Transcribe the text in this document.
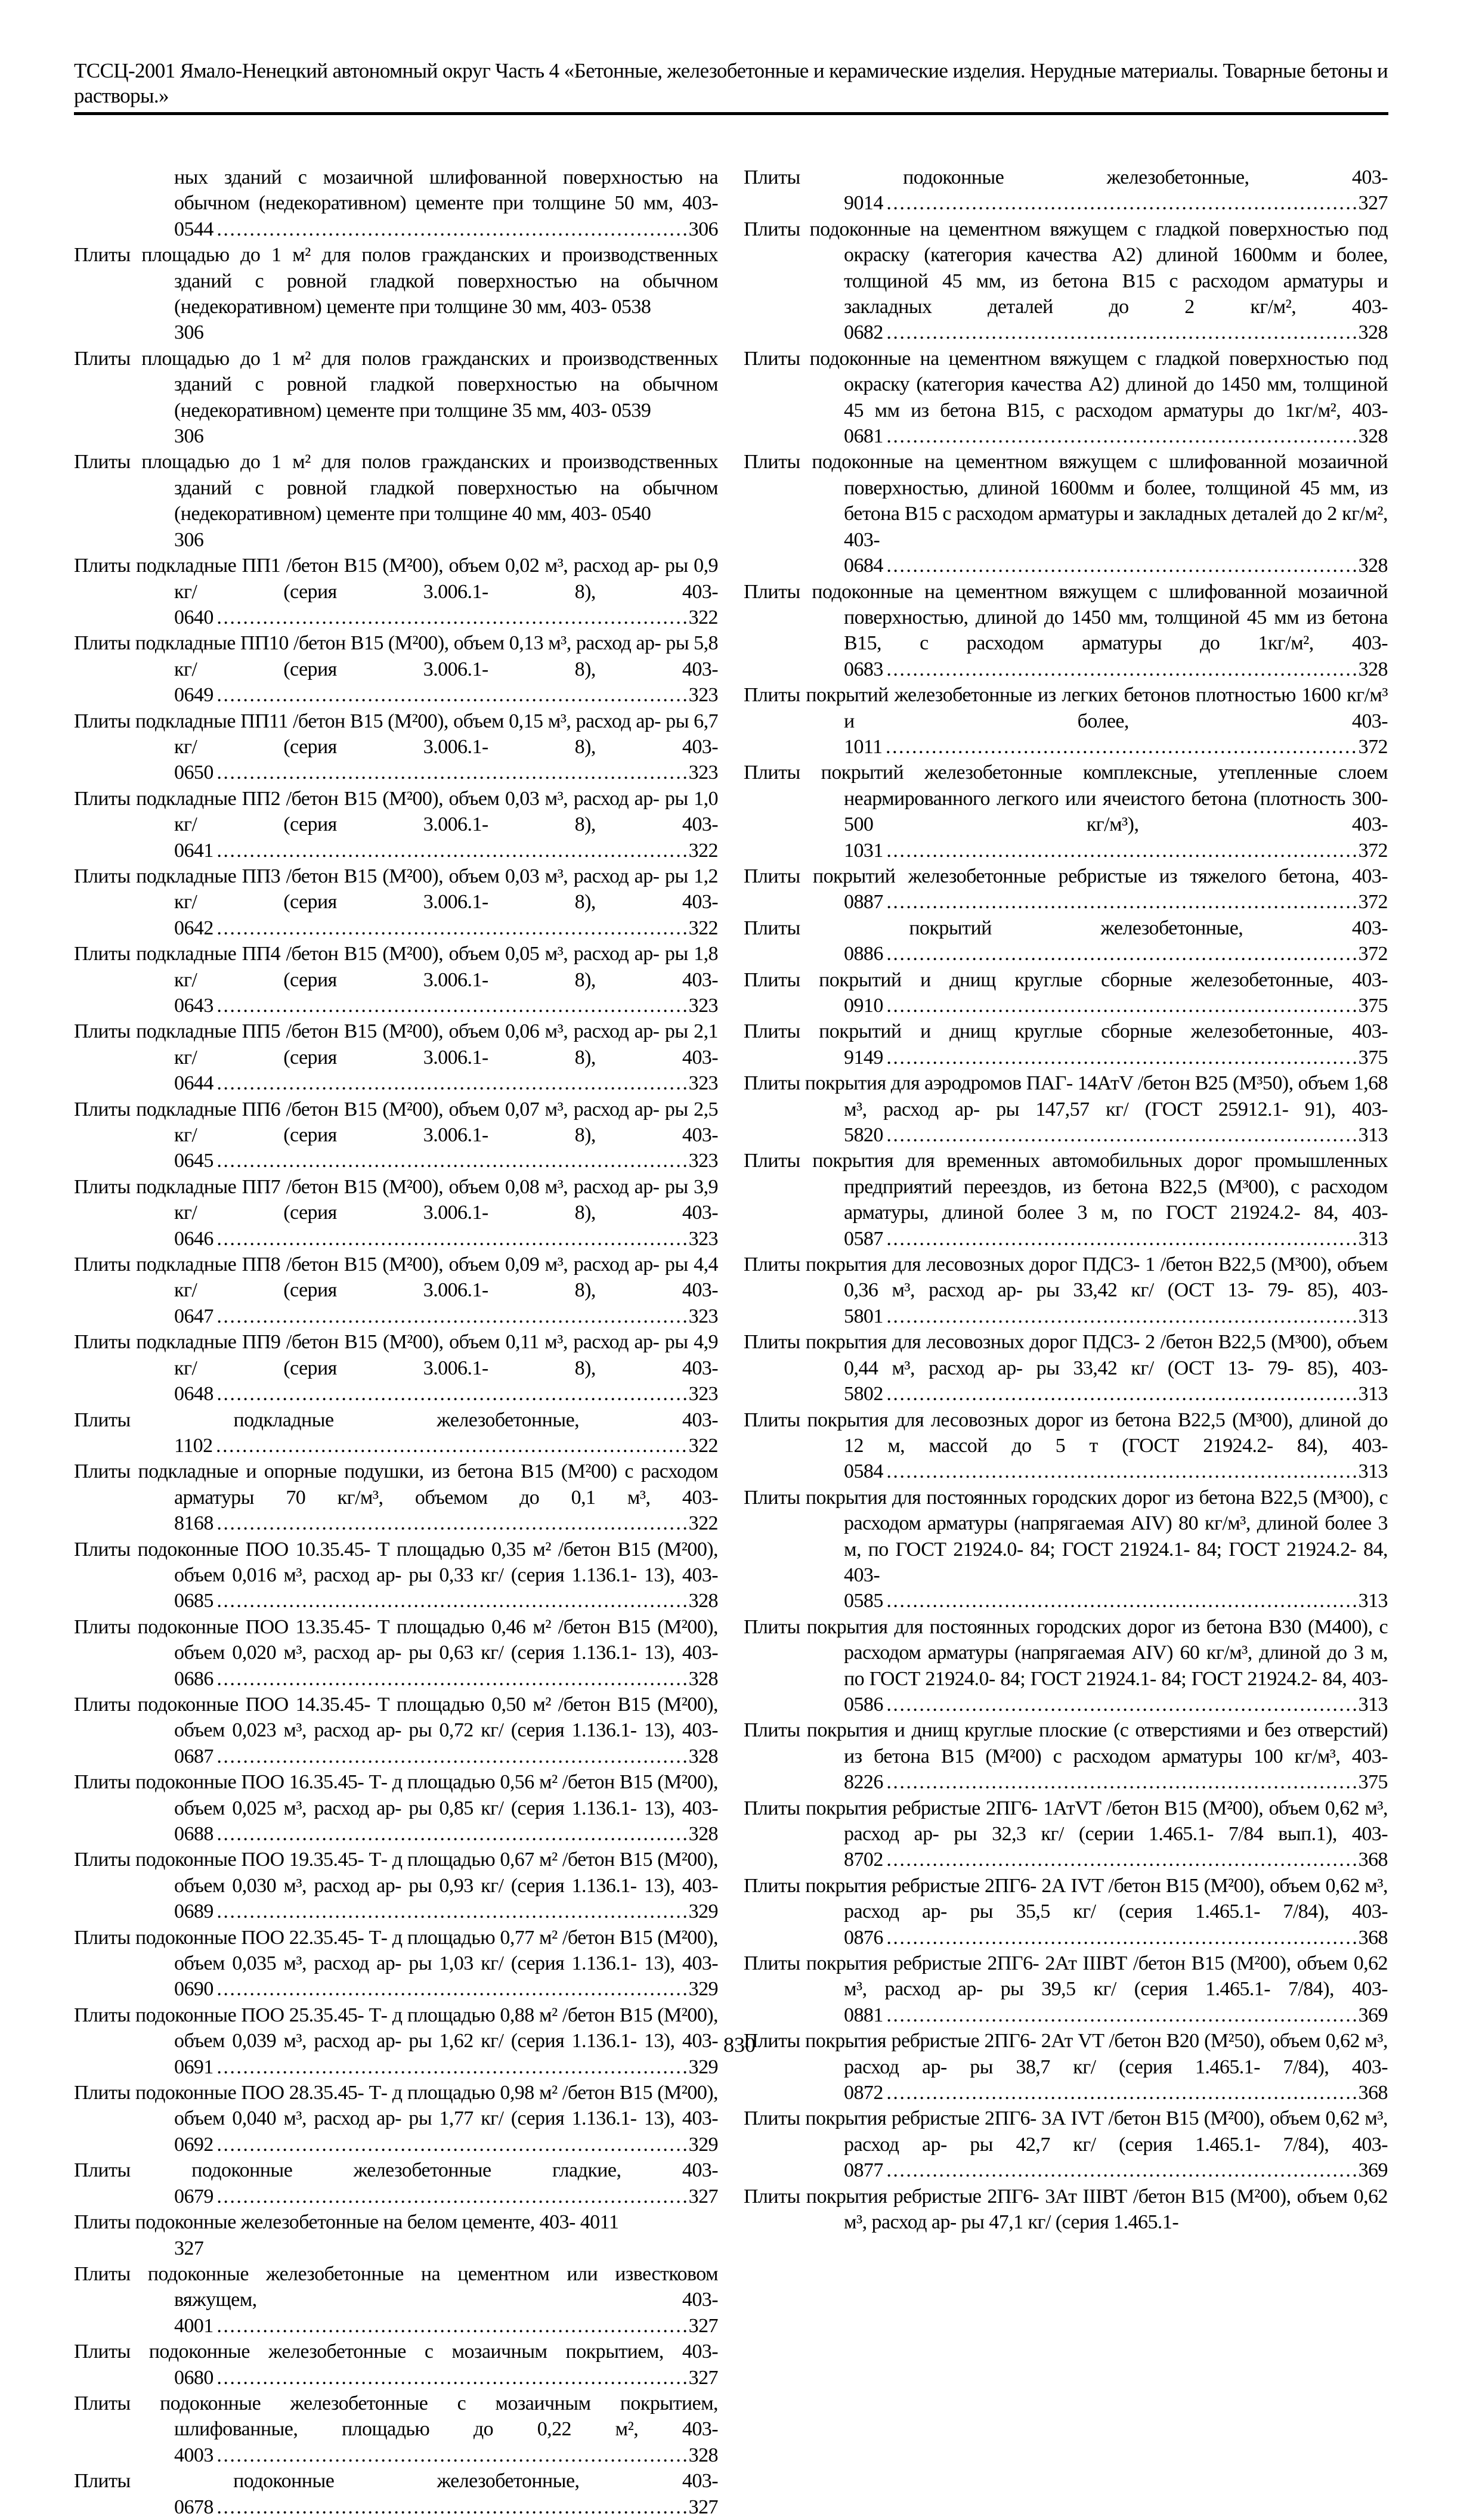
ТССЦ-2001 Ямало-Ненецкий автономный округ Часть 4 «Бетонные, железобетонные и керамические изделия. Нерудные материалы. Товарные бетоны и растворы.»

ных зданий с мозаичной шлифованной поверхностью на обычном (недекоративном) цементе при толщине 50 мм, 403- 0544 . . .	306

Плиты площадью до 1 м² для полов гражданских и производственных зданий с ровной гладкой поверхностью на обычном (недекоративном) цементе при толщине 30 мм, 403- 0538
306

Плиты площадью до 1 м² для полов гражданских и производственных зданий с ровной гладкой поверхностью на обычном (недекоративном) цементе при толщине 35 мм, 403- 0539
306

Плиты площадью до 1 м² для полов гражданских и производственных зданий с ровной гладкой поверхностью на обычном (недекоративном) цементе при толщине 40 мм, 403- 0540
306

Плиты подкладные ПП1 /бетон В15 (М²00), объем 0,02 м³, расход ар- ры 0,9 кг/ (серия 3.006.1- 8), 403- 0640 . . .	322

Плиты подкладные ПП10 /бетон В15 (М²00), объем 0,13 м³, расход ар- ры 5,8 кг/ (серия 3.006.1- 8), 403- 0649 . . .	323

Плиты подкладные ПП11 /бетон В15 (М²00), объем 0,15 м³, расход ар- ры 6,7 кг/ (серия 3.006.1- 8), 403- 0650 . . .	323

Плиты подкладные ПП2 /бетон В15 (М²00), объем 0,03 м³, расход ар- ры 1,0 кг/ (серия 3.006.1- 8), 403- 0641 . . .	322

Плиты подкладные ПП3 /бетон В15 (М²00), объем 0,03 м³, расход ар- ры 1,2 кг/ (серия 3.006.1- 8), 403- 0642 . . .	322

Плиты подкладные ПП4 /бетон В15 (М²00), объем 0,05 м³, расход ар- ры 1,8 кг/ (серия 3.006.1- 8), 403- 0643 . . .	323

Плиты подкладные ПП5 /бетон В15 (М²00), объем 0,06 м³, расход ар- ры 2,1 кг/ (серия 3.006.1- 8), 403- 0644 . . .	323

Плиты подкладные ПП6 /бетон В15 (М²00), объем 0,07 м³, расход ар- ры 2,5 кг/ (серия 3.006.1- 8), 403- 0645 . . .	323

Плиты подкладные ПП7 /бетон В15 (М²00), объем 0,08 м³, расход ар- ры 3,9 кг/ (серия 3.006.1- 8), 403- 0646 . . .	323

Плиты подкладные ПП8 /бетон В15 (М²00), объем 0,09 м³, расход ар- ры 4,4 кг/ (серия 3.006.1- 8), 403- 0647 . . .	323

Плиты подкладные ПП9 /бетон В15 (М²00), объем 0,11 м³, расход ар- ры 4,9 кг/ (серия 3.006.1- 8), 403- 0648 . . .	323

Плиты подкладные железобетонные, 403- 1102 . . .	322

Плиты подкладные и опорные подушки, из бетона В15 (М²00) с расходом арматуры 70 кг/м³, объемом до 0,1 м³, 403- 8168 . . .	322

Плиты подоконные ПОО 10.35.45- Т площадью 0,35 м² /бетон В15 (М²00), объем 0,016 м³, расход ар- ры 0,33 кг/ (серия 1.136.1- 13), 403- 0685 . . .	328

Плиты подоконные ПОО 13.35.45- Т площадью 0,46 м² /бетон В15 (М²00), объем 0,020 м³, расход ар- ры 0,63 кг/ (серия 1.136.1- 13), 403- 0686 . . .	328

Плиты подоконные ПОО 14.35.45- Т площадью 0,50 м² /бетон В15 (М²00), объем 0,023 м³, расход ар- ры 0,72 кг/ (серия 1.136.1- 13), 403- 0687 . . .	328

Плиты подоконные ПОО 16.35.45- Т- д площадью 0,56 м² /бетон В15 (М²00), объем 0,025 м³, расход ар- ры 0,85 кг/ (серия 1.136.1- 13), 403- 0688 . . .	328

Плиты подоконные ПОО 19.35.45- Т- д площадью 0,67 м² /бетон В15 (М²00), объем 0,030 м³, расход ар- ры 0,93 кг/ (серия 1.136.1- 13), 403- 0689 . . .	329

Плиты подоконные ПОО 22.35.45- Т- д площадью 0,77 м² /бетон В15 (М²00), объем 0,035 м³, расход ар- ры 1,03 кг/ (серия 1.136.1- 13), 403- 0690 . . .	329

Плиты подоконные ПОО 25.35.45- Т- д площадью 0,88 м² /бетон В15 (М²00), объем 0,039 м³, расход ар- ры 1,62 кг/ (серия 1.136.1- 13), 403- 0691 . . .	329

Плиты подоконные ПОО 28.35.45- Т- д площадью 0,98 м² /бетон В15 (М²00), объем 0,040 м³, расход ар- ры 1,77 кг/ (серия 1.136.1- 13), 403- 0692 . . .	329

Плиты подоконные железобетонные гладкие, 403- 0679 . . .	327

Плиты подоконные железобетонные на белом цементе, 403- 4011
327

Плиты подоконные железобетонные на цементном или известковом вяжущем, 403- 4001 . . .	327

Плиты подоконные железобетонные с мозаичным покрытием, 403- 0680 . . .	327

Плиты подоконные железобетонные с мозаичным покрытием, шлифованные, площадью до 0,22 м², 403- 4003 . . .	328

Плиты подоконные железобетонные, 403- 0678 . . .	327

Плиты подоконные железобетонные, 403- 9014 . . .	327

Плиты подоконные на цементном вяжущем с гладкой поверхностью под окраску (категория качества А2) длиной 1600мм и более, толщиной 45 мм, из бетона В15 с расходом арматуры и закладных деталей до 2 кг/м², 403- 0682 . . .	328

Плиты подоконные на цементном вяжущем с гладкой поверхностью под окраску (категория качества А2) длиной до 1450 мм, толщиной 45 мм из бетона В15, с расходом арматуры до 1кг/м², 403- 0681 . . .	328

Плиты подоконные на цементном вяжущем с шлифованной мозаичной поверхностью, длиной 1600мм и более, толщиной 45 мм, из бетона В15 с расходом арматуры и закладных деталей до 2 кг/м², 403- 0684 . . .	328

Плиты подоконные на цементном вяжущем с шлифованной мозаичной поверхностью, длиной до 1450 мм, толщиной 45 мм из бетона В15, с расходом арматуры до 1кг/м², 403- 0683 . . .	328

Плиты покрытий железобетонные из легких бетонов плотностью 1600 кг/м³ и более, 403- 1011 . . .	372

Плиты покрытий железобетонные комплексные, утепленные слоем неармированного легкого или ячеистого бетона (плотность 300- 500 кг/м³), 403- 1031 . . .	372

Плиты покрытий железобетонные ребристые из тяжелого бетона, 403- 0887 . . .	372

Плиты покрытий железобетонные, 403- 0886 . . .	372

Плиты покрытий и днищ круглые сборные железобетонные, 403- 0910 . . .	375

Плиты покрытий и днищ круглые сборные железобетонные, 403- 9149 . . .	375

Плиты покрытия для аэродромов ПАГ- 14АтV /бетон В25 (М³50), объем 1,68 м³, расход ар- ры 147,57 кг/ (ГОСТ 25912.1- 91), 403- 5820 . . .	313

Плиты покрытия для временных автомобильных дорог промышленных предприятий переездов, из бетона В22,5 (М³00), с расходом арматуры, длиной более 3 м, по ГОСТ 21924.2- 84, 403- 0587 . . .	313

Плиты покрытия для лесовозных дорог ПДС3- 1 /бетон В22,5 (М³00), объем 0,36 м³, расход ар- ры 33,42 кг/ (ОСТ 13- 79- 85), 403- 5801 . . .	313

Плиты покрытия для лесовозных дорог ПДС3- 2 /бетон В22,5 (М³00), объем 0,44 м³, расход ар- ры 33,42 кг/ (ОСТ 13- 79- 85), 403- 5802 . . .	313

Плиты покрытия для лесовозных дорог из бетона В22,5 (М³00), длиной до 12 м, массой до 5 т (ГОСТ 21924.2- 84), 403- 0584 . . .	313

Плиты покрытия для постоянных городских дорог из бетона В22,5 (М³00), с расходом арматуры (напрягаемая АIV) 80 кг/м³, длиной более 3 м, по ГОСТ 21924.0- 84; ГОСТ 21924.1- 84; ГОСТ 21924.2- 84, 403- 0585 . . .	313

Плиты покрытия для постоянных городских дорог из бетона В30 (М400), с расходом арматуры (напрягаемая АIV) 60 кг/м³, длиной до 3 м, по ГОСТ 21924.0- 84; ГОСТ 21924.1- 84; ГОСТ 21924.2- 84, 403- 0586 . . .	313

Плиты покрытия и днищ круглые плоские (с отверстиями и без отверстий) из бетона В15 (М²00) с расходом арматуры 100 кг/м³, 403- 8226 . . .	375

Плиты покрытия ребристые 2ПГ6- 1АтVT /бетон В15 (М²00), объем 0,62 м³, расход ар- ры 32,3 кг/ (серии 1.465.1- 7/84 вып.1), 403- 8702 . . .	368

Плиты покрытия ребристые 2ПГ6- 2А IVT /бетон В15 (М²00), объем 0,62 м³, расход ар- ры 35,5 кг/ (серия 1.465.1- 7/84), 403- 0876 . . .	368

Плиты покрытия ребристые 2ПГ6- 2Ат IIIВТ /бетон В15 (М²00), объем 0,62 м³, расход ар- ры 39,5 кг/ (серия 1.465.1- 7/84), 403- 0881 . . .	369

Плиты покрытия ребристые 2ПГ6- 2Ат VT /бетон В20 (М²50), объем 0,62 м³, расход ар- ры 38,7 кг/ (серия 1.465.1- 7/84), 403- 0872 . . .	368

Плиты покрытия ребристые 2ПГ6- 3А IVT /бетон В15 (М²00), объем 0,62 м³, расход ар- ры 42,7 кг/ (серия 1.465.1- 7/84), 403- 0877 . . .	369

Плиты покрытия ребристые 2ПГ6- 3Ат IIIВТ /бетон В15 (М²00), объем 0,62 м³, расход ар- ры 47,1 кг/ (серия 1.465.1-

830
